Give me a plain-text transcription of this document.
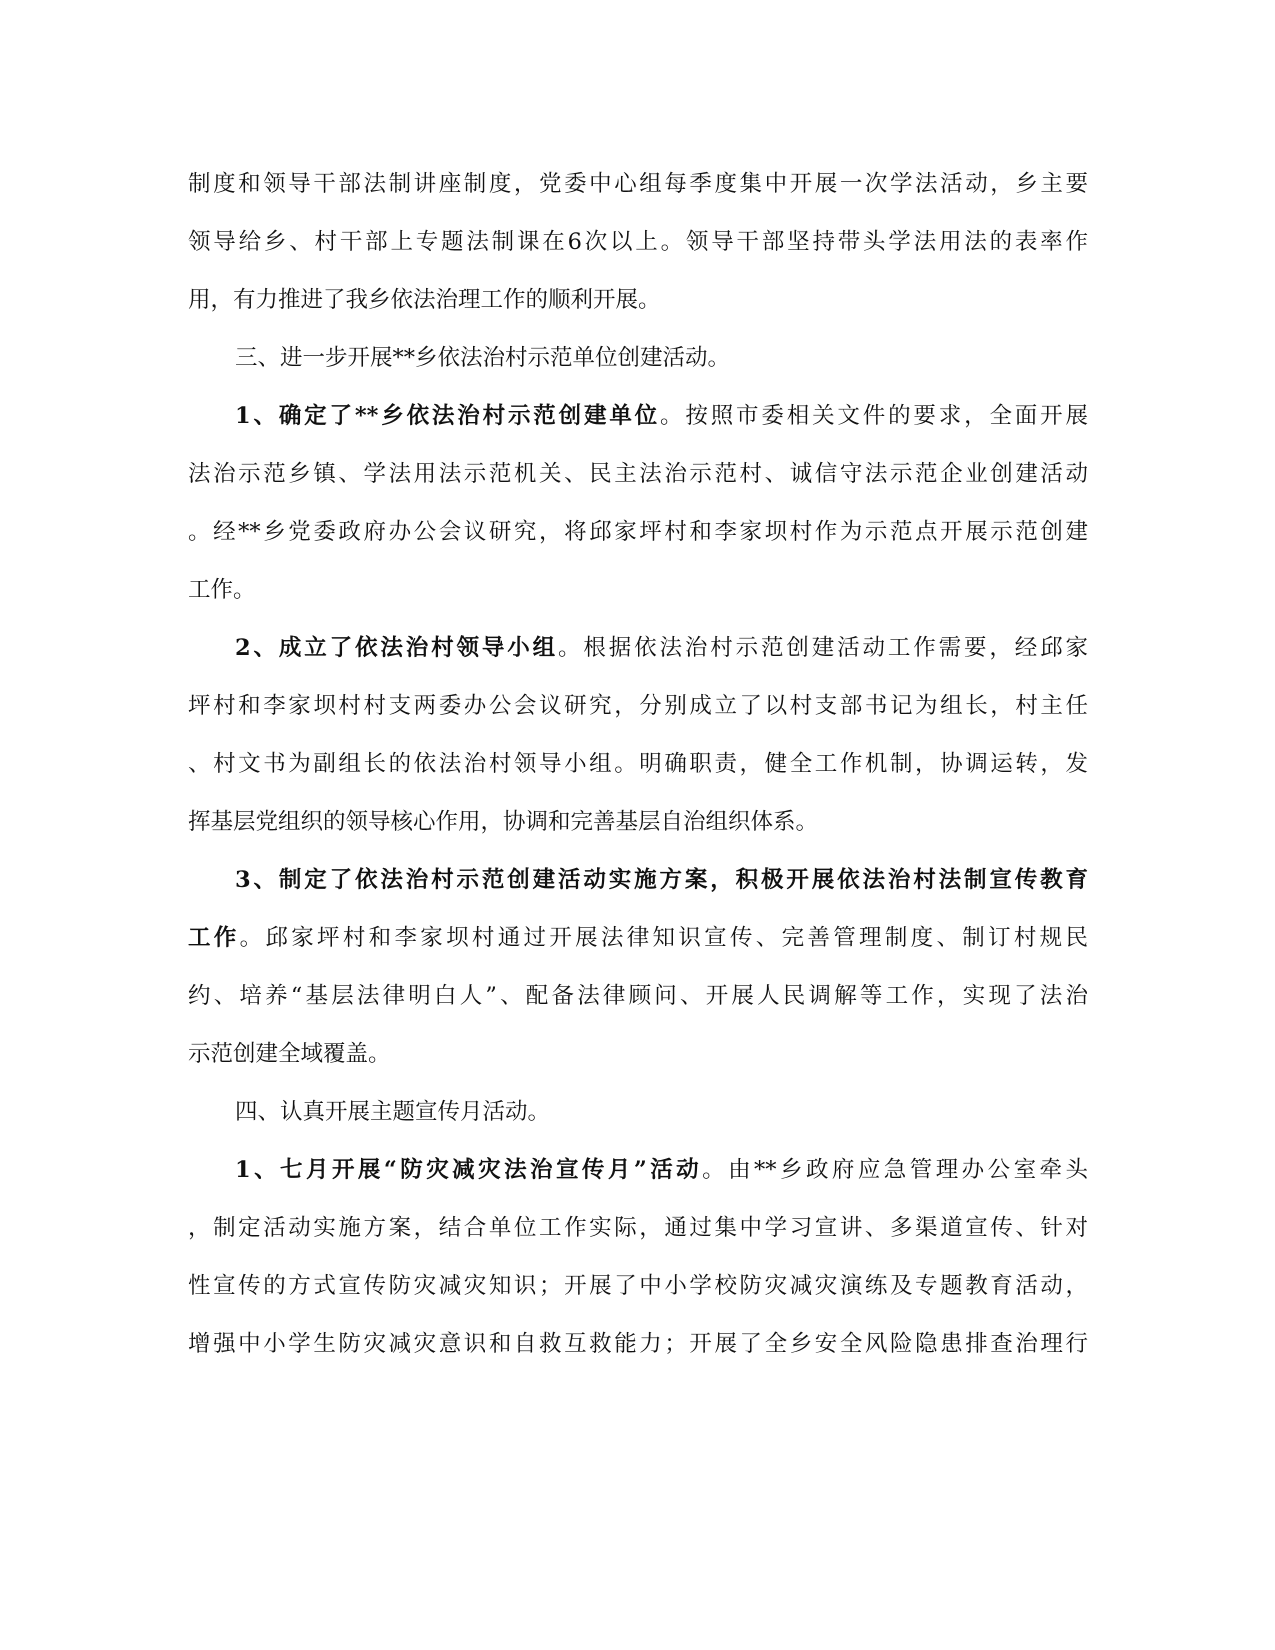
制度和领导干部法制讲座制度，党委中心组每季度集中开展一次学法活动，乡主要

领导给乡、村干部上专题法制课在6次以上。领导干部坚持带头学法用法的表率作

用，有力推进了我乡依法治理工作的顺利开展。

三、进一步开展**乡依法治村示范单位创建活动。

1、确定了**乡依法治村示范创建单位。按照市委相关文件的要求，全面开展

法治示范乡镇、学法用法示范机关、民主法治示范村、诚信守法示范企业创建活动

。经**乡党委政府办公会议研究，将邱家坪村和李家坝村作为示范点开展示范创建

工作。

2、成立了依法治村领导小组。根据依法治村示范创建活动工作需要，经邱家

坪村和李家坝村村支两委办公会议研究，分别成立了以村支部书记为组长，村主任

、村文书为副组长的依法治村领导小组。明确职责，健全工作机制，协调运转，发

挥基层党组织的领导核心作用，协调和完善基层自治组织体系。

3、制定了依法治村示范创建活动实施方案，积极开展依法治村法制宣传教育

工作。邱家坪村和李家坝村通过开展法律知识宣传、完善管理制度、制订村规民

约、培养“基层法律明白人”、配备法律顾问、开展人民调解等工作，实现了法治

示范创建全域覆盖。

四、认真开展主题宣传月活动。

1、七月开展“防灾减灾法治宣传月”活动。由**乡政府应急管理办公室牵头

，制定活动实施方案，结合单位工作实际，通过集中学习宣讲、多渠道宣传、针对

性宣传的方式宣传防灾减灾知识；开展了中小学校防灾减灾演练及专题教育活动，

增强中小学生防灾减灾意识和自救互救能力；开展了全乡安全风险隐患排查治理行
